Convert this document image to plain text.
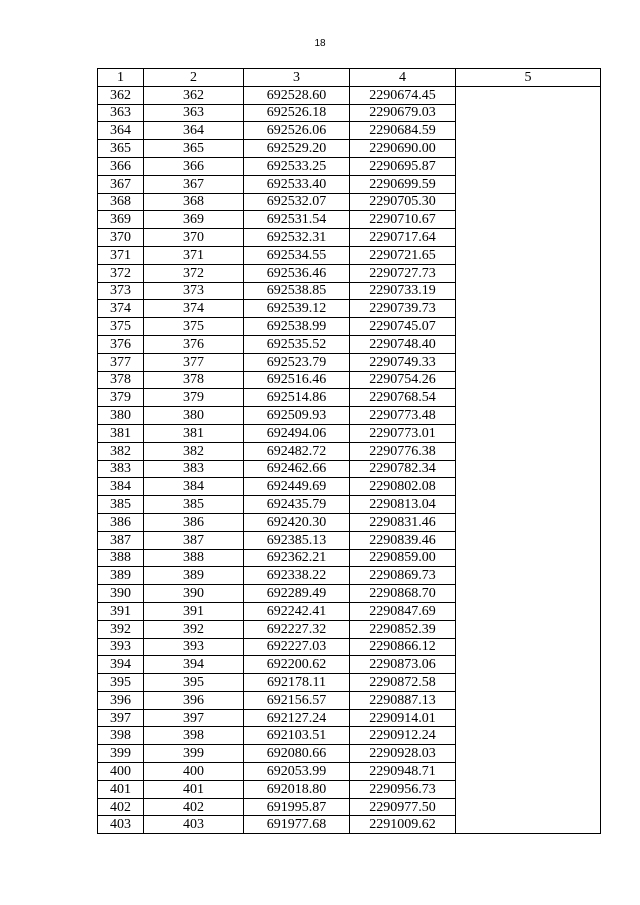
18
1	2	3	4	5
362	362	692528.60	2290674.45	
363	363	692526.18	2290679.03	
364	364	692526.06	2290684.59	
365	365	692529.20	2290690.00	
366	366	692533.25	2290695.87	
367	367	692533.40	2290699.59	
368	368	692532.07	2290705.30	
369	369	692531.54	2290710.67	
370	370	692532.31	2290717.64	
371	371	692534.55	2290721.65	
372	372	692536.46	2290727.73	
373	373	692538.85	2290733.19	
374	374	692539.12	2290739.73	
375	375	692538.99	2290745.07	
376	376	692535.52	2290748.40	
377	377	692523.79	2290749.33	
378	378	692516.46	2290754.26	
379	379	692514.86	2290768.54	
380	380	692509.93	2290773.48	
381	381	692494.06	2290773.01	
382	382	692482.72	2290776.38	
383	383	692462.66	2290782.34	
384	384	692449.69	2290802.08	
385	385	692435.79	2290813.04	
386	386	692420.30	2290831.46	
387	387	692385.13	2290839.46	
388	388	692362.21	2290859.00	
389	389	692338.22	2290869.73	
390	390	692289.49	2290868.70	
391	391	692242.41	2290847.69	
392	392	692227.32	2290852.39	
393	393	692227.03	2290866.12	
394	394	692200.62	2290873.06	
395	395	692178.11	2290872.58	
396	396	692156.57	2290887.13	
397	397	692127.24	2290914.01	
398	398	692103.51	2290912.24	
399	399	692080.66	2290928.03	
400	400	692053.99	2290948.71	
401	401	692018.80	2290956.73	
402	402	691995.87	2290977.50	
403	403	691977.68	2291009.62	
